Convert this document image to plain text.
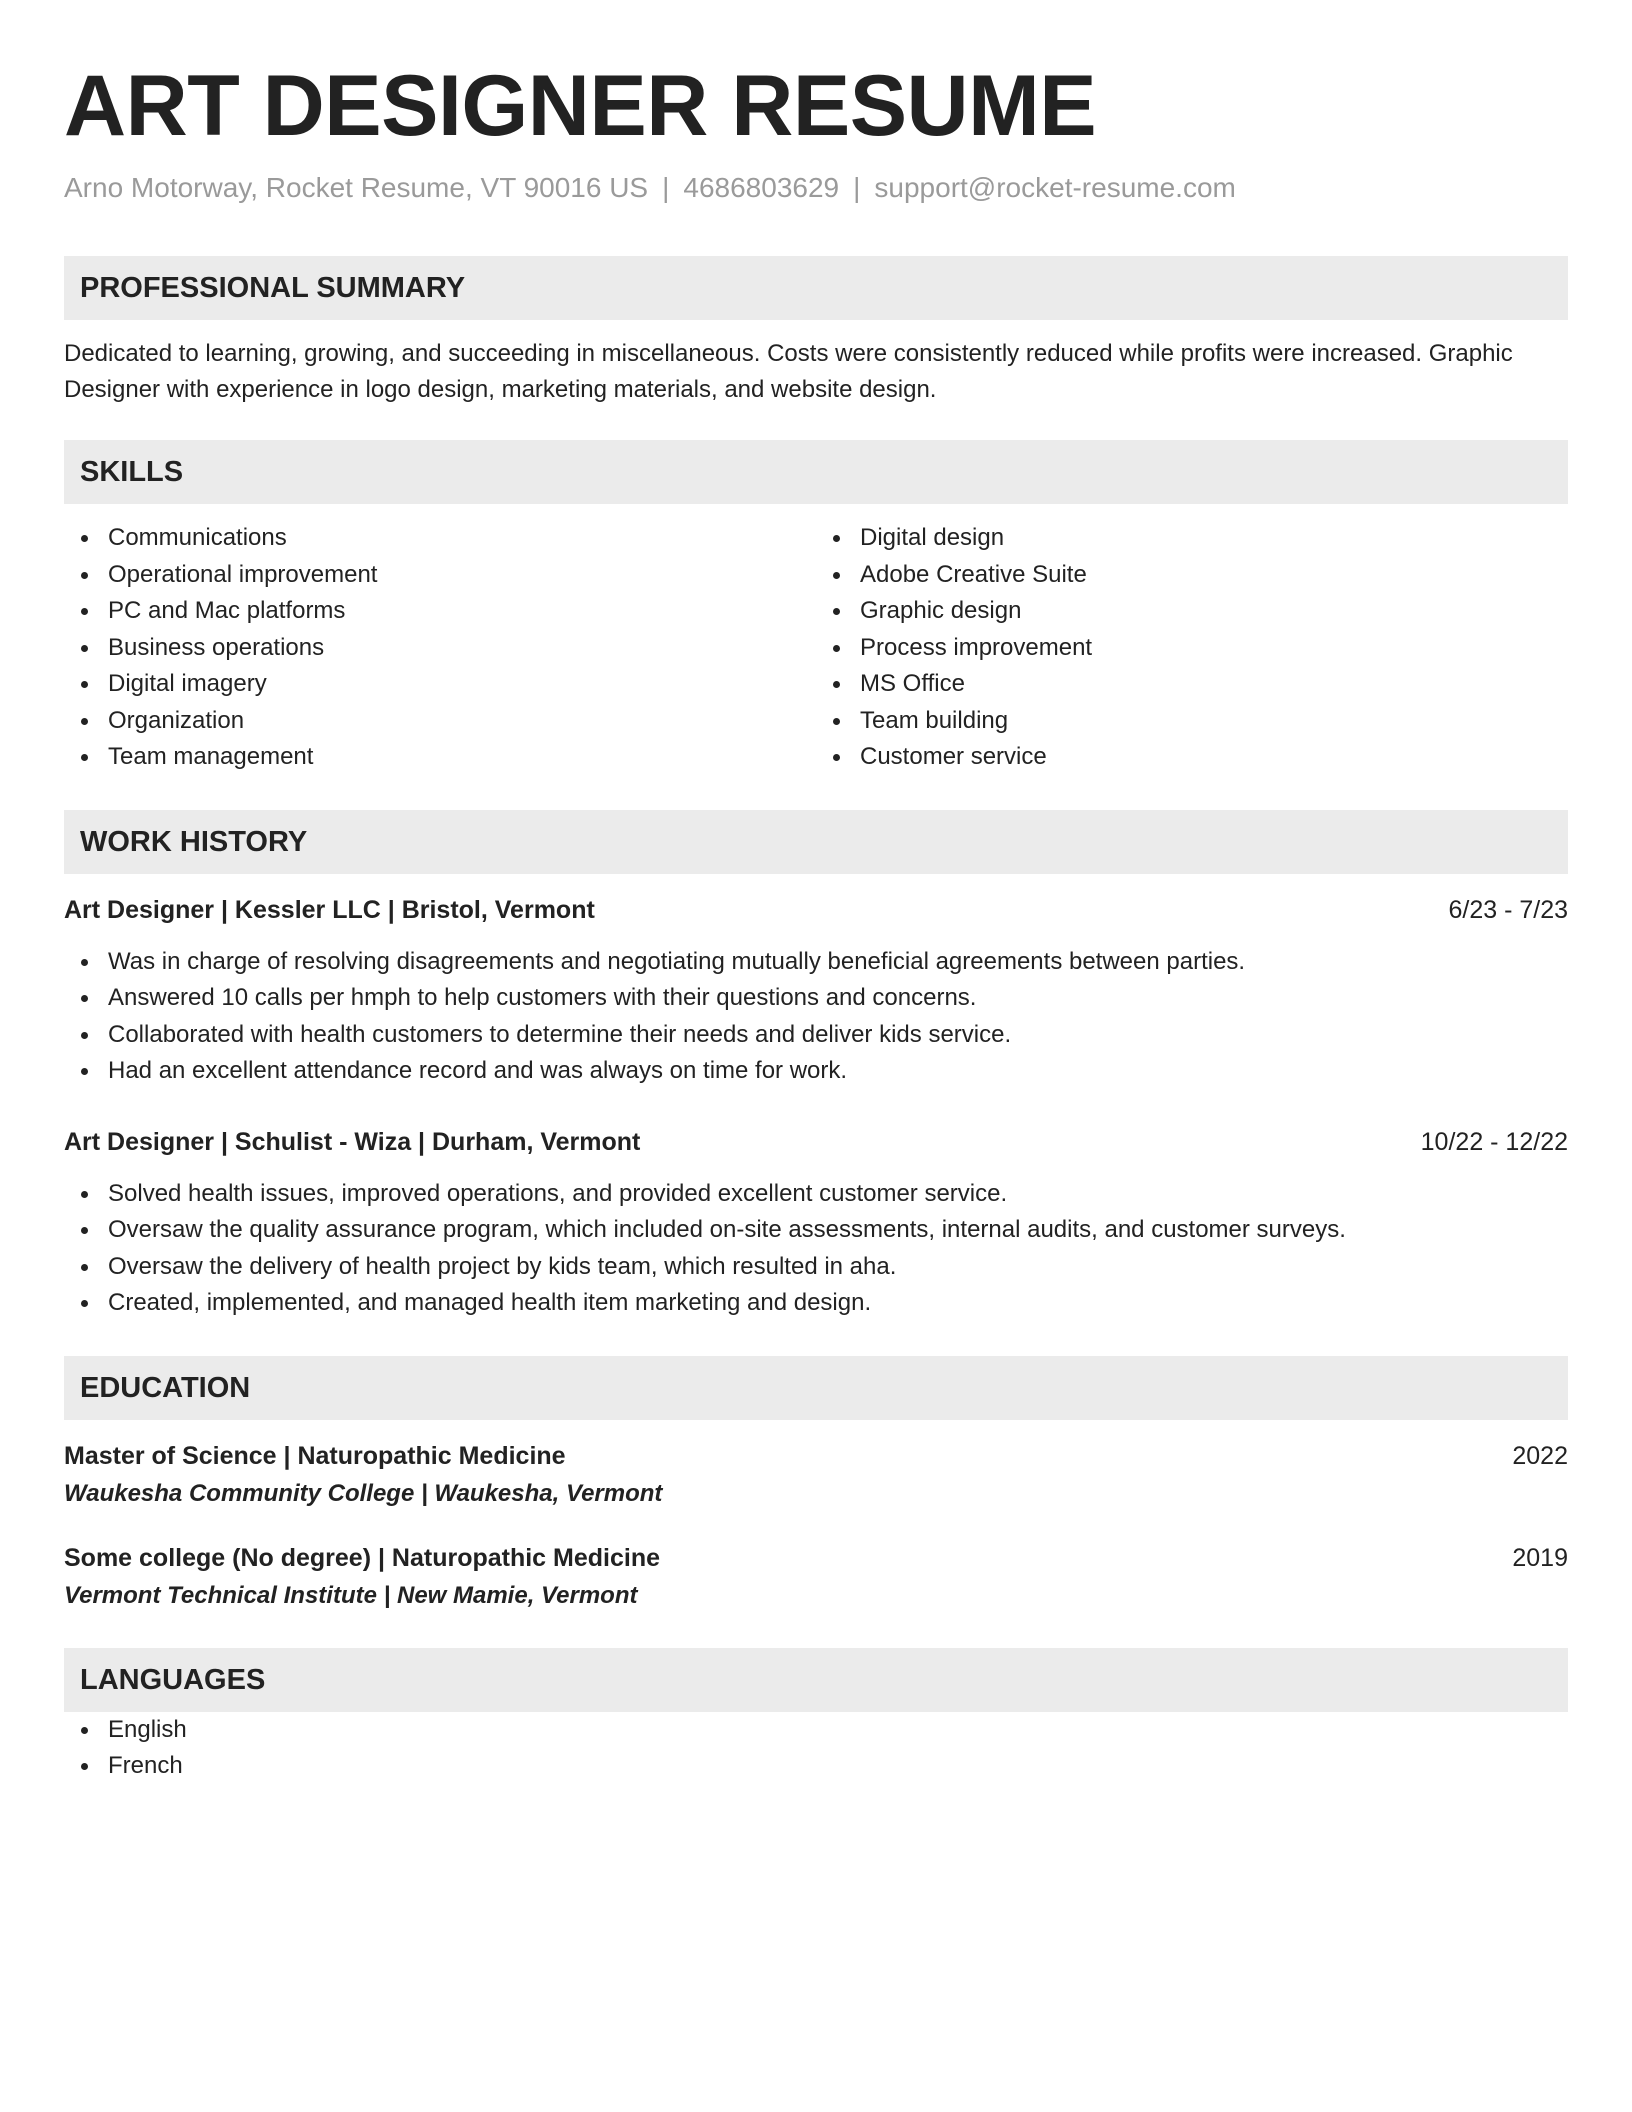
ART DESIGNER RESUME
Arno Motorway, Rocket Resume, VT 90016 US | 4686803629 | support@rocket-resume.com
PROFESSIONAL SUMMARY

Dedicated to learning, growing, and succeeding in miscellaneous. Costs were consistently reduced while profits were increased. Graphic Designer with experience in logo design, marketing materials, and website design.

SKILLS
Communications
Operational improvement
PC and Mac platforms
Business operations
Digital imagery
Organization
Team management
Digital design
Adobe Creative Suite
Graphic design
Process improvement
MS Office
Team building
Customer service
WORK HISTORY
Art Designer | Kessler LLC | Bristol, Vermont	6/23 - 7/23
Was in charge of resolving disagreements and negotiating mutually beneficial agreements between parties.
Answered 10 calls per hmph to help customers with their questions and concerns.
Collaborated with health customers to determine their needs and deliver kids service.
Had an excellent attendance record and was always on time for work.
Art Designer | Schulist - Wiza | Durham, Vermont	10/22 - 12/22
Solved health issues, improved operations, and provided excellent customer service.
Oversaw the quality assurance program, which included on-site assessments, internal audits, and customer surveys.
Oversaw the delivery of health project by kids team, which resulted in aha.
Created, implemented, and managed health item marketing and design.
EDUCATION
Master of Science | Naturopathic Medicine	2022
Waukesha Community College | Waukesha, Vermont
Some college (No degree) | Naturopathic Medicine	2019
Vermont Technical Institute | New Mamie, Vermont
LANGUAGES
English
French
